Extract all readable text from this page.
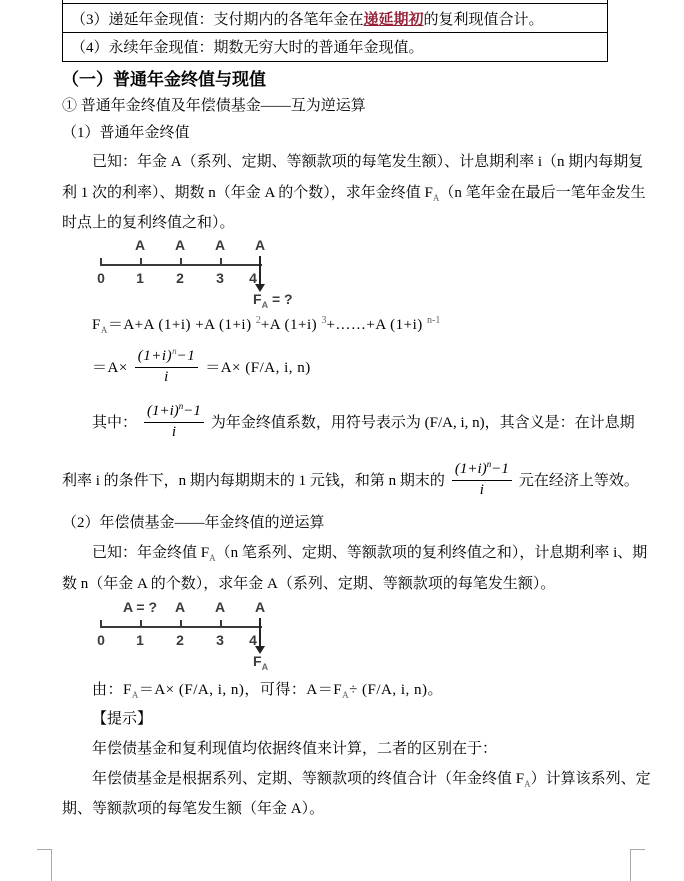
（3）递延年金现值：支付期内的各笔年金在 递延期初 的复利现值合计。
（4）永续年金现值：期数无穷大时的普通年金现值。
（一）普通年金终值与现值
① 普通年金终值及年偿债基金——互为逆运算
（1）普通年金终值
已知：年金 A（系列、定期、等额款项的每笔发生额）、计息期利率 i（n 期内每期复
利 1 次的利率）、期数 n（年金 A 的个数），求年金终值 $F_A(n$ 笔年金在最后一笔年金发生
时点上的复利终值之和）。
A A A A
0 1 2 3 4
$F_A$ = ?
$F_A=A+A$ (1+i) +A (1+i) $^2$+A (1+i) $^3$+……+A (1+i) $^{n-1}$
$=A\times \frac{(1+i)^n-1}{i} =A\times (F/A$, i, n)
其中： $\frac{(1+i)^n-1}{i}$ 为年金终值系数，用符号表示为 (F/A, i, n)，其含义是：在计息期
利率 i 的条件下，n 期内每期期末的 1 元钱，和第 n 期末的 $\frac{(1+i)^n-1}{i}$ 元在经济上等效。
（2）年偿债基金——年金终值的逆运算
已知：年金终值 $F_A(n$ 笔系列、定期、等额款项的复利终值之和），计息期利率 i、期
数 n（年金 A 的个数），求年金 A（系列、定期、等额款项的每笔发生额）。
A = ? A A A
0 1 2 3 4
$F_A$
由：$F_A=A\times (F/A$, i, n)，可得：$A=F_A\div (F/A$, i, n)。
【提示】
年偿债基金和复利现值均依据终值来计算，二者的区别在于：
年偿债基金是根据系列、定期、等额款项的终值合计（年金终值 $F_A$）计算该系列、定
期、等额款项的每笔发生额（年金 A）。
